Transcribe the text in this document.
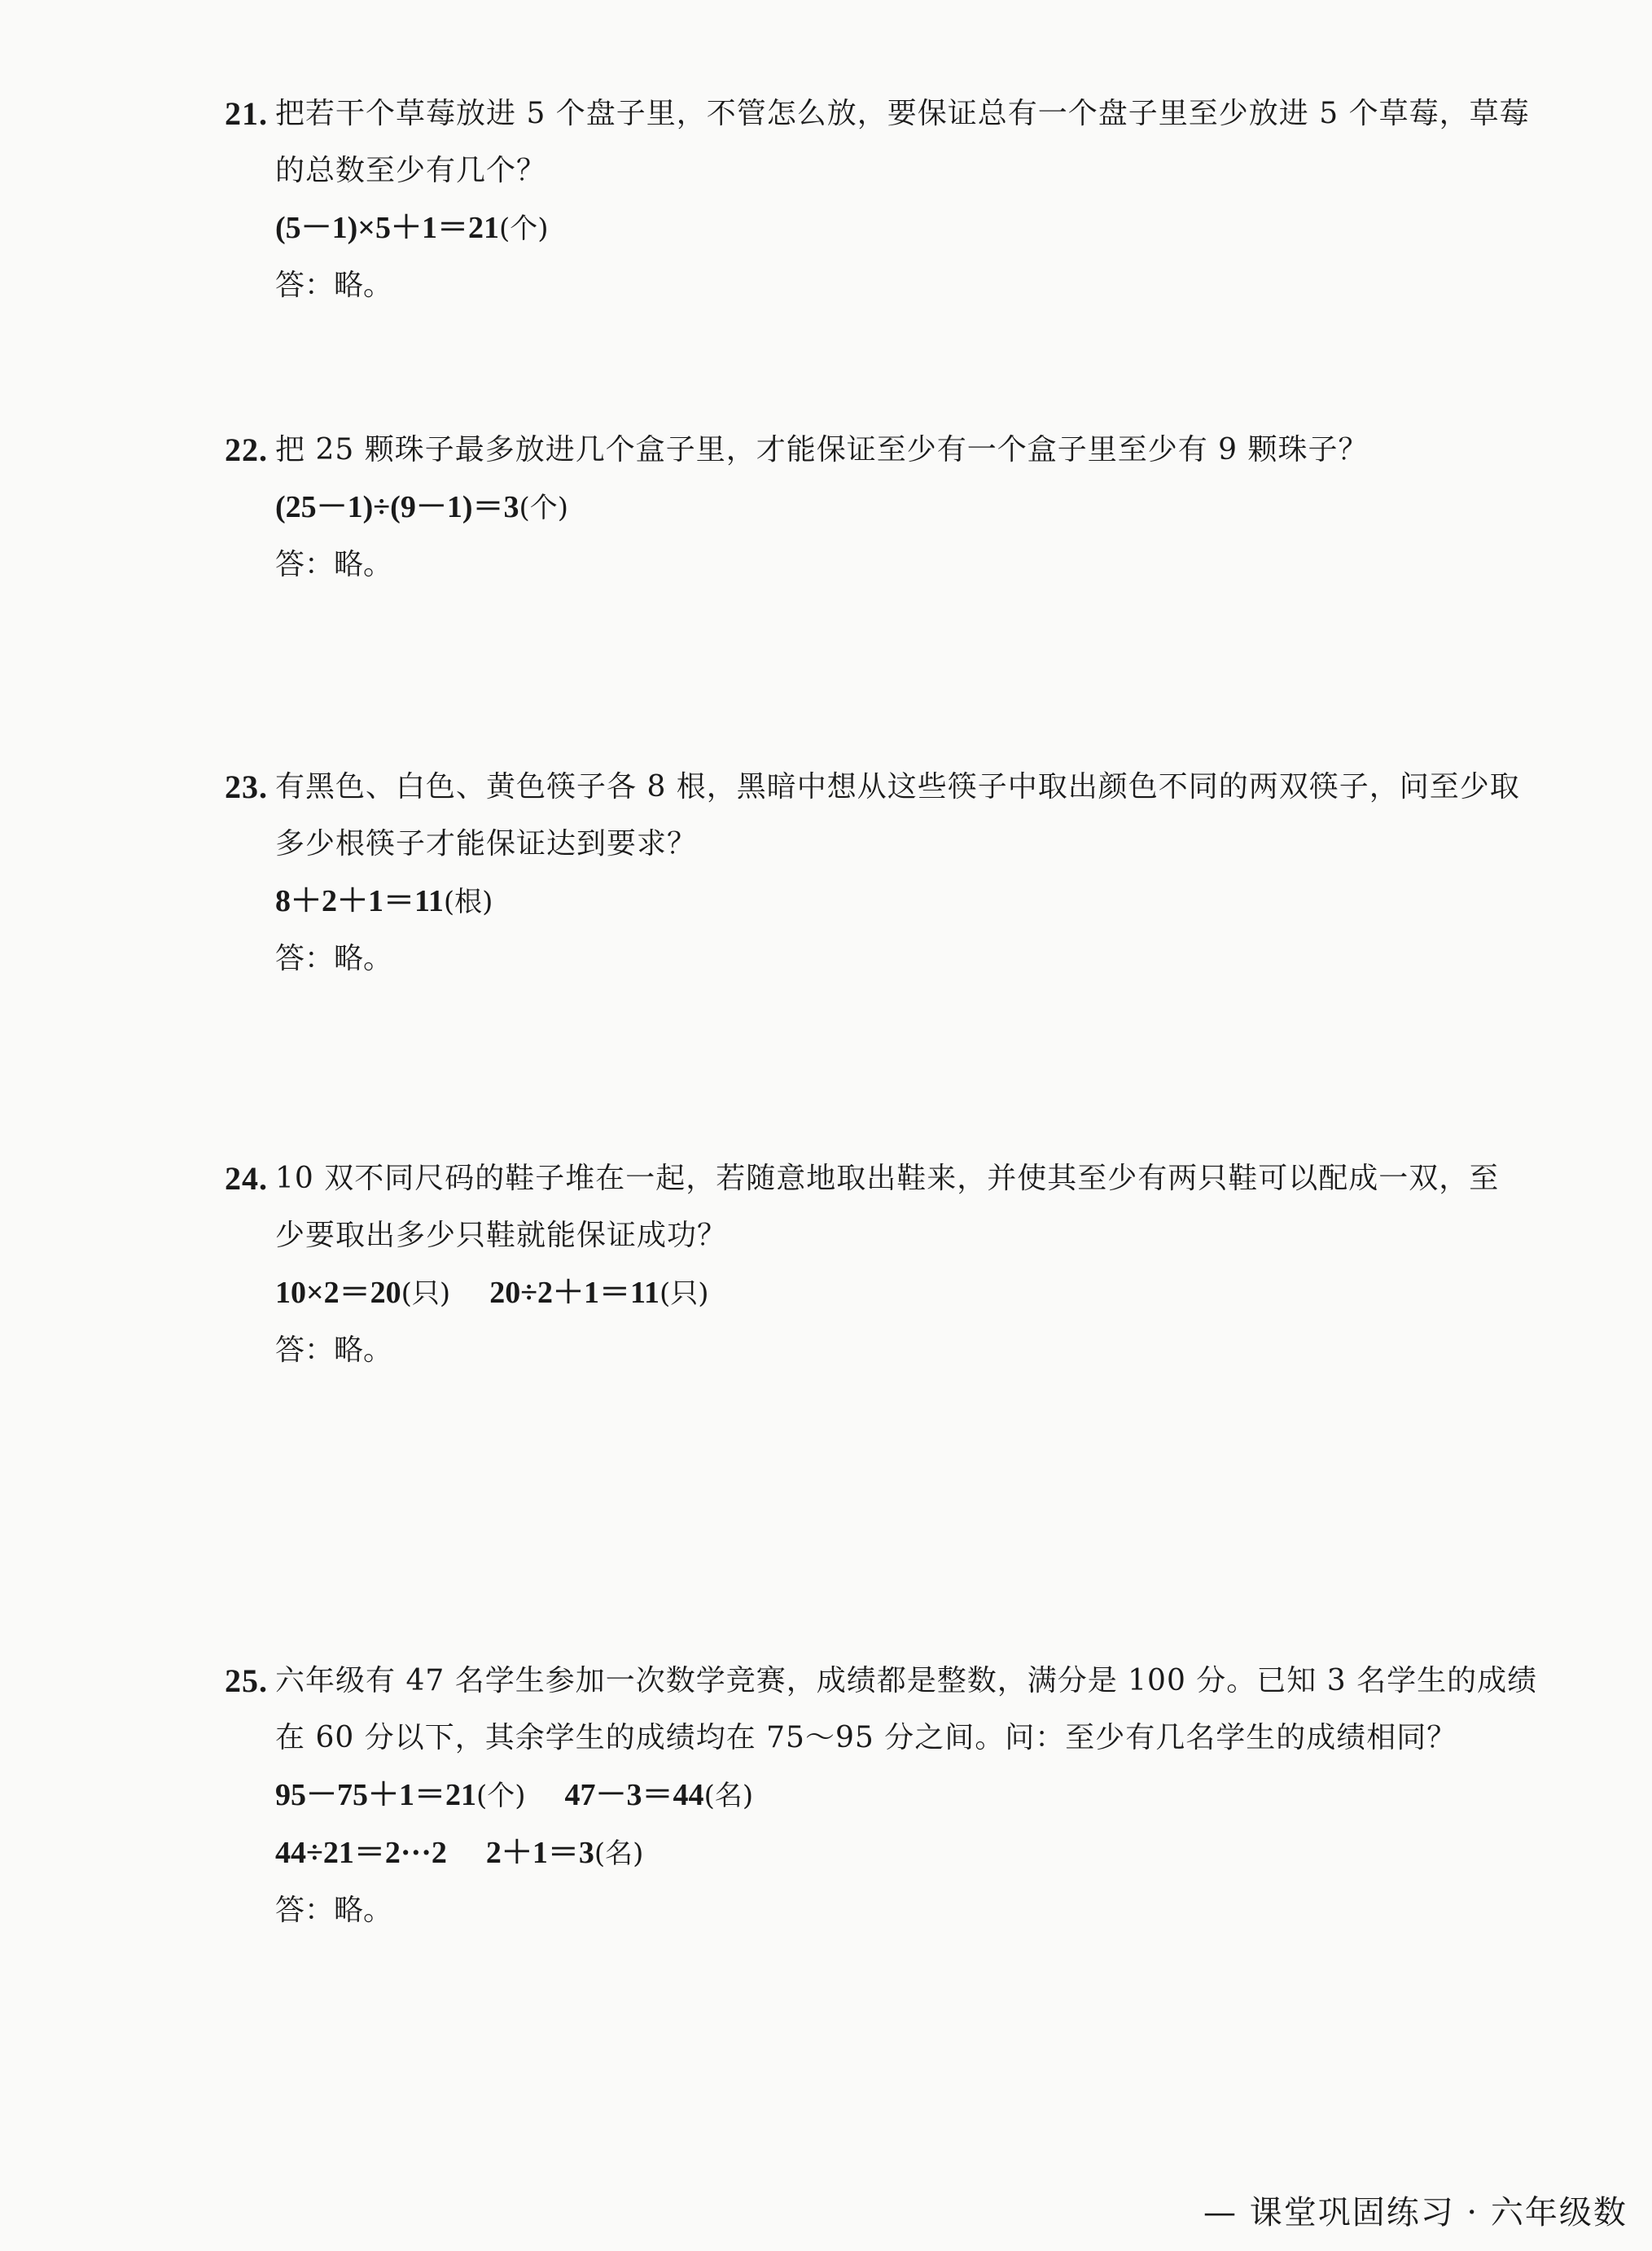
21. 把若干个草莓放进 5 个盘子里，不管怎么放，要保证总有一个盘子里至少放进 5 个草莓，草莓
的总数至少有几个？
(5－1)×5＋1＝21(个)
答：略。
22. 把 25 颗珠子最多放进几个盒子里，才能保证至少有一个盒子里至少有 9 颗珠子？
(25－1)÷(9－1)＝3(个)
答：略。
23. 有黑色、白色、黄色筷子各 8 根，黑暗中想从这些筷子中取出颜色不同的两双筷子，问至少取
多少根筷子才能保证达到要求？
8＋2＋1＝11(根)
答：略。
24. 10 双不同尺码的鞋子堆在一起，若随意地取出鞋来，并使其至少有两只鞋可以配成一双，至
少要取出多少只鞋就能保证成功？
10×2＝20(只) 20÷2＋1＝11(只)
答：略。
25. 六年级有 47 名学生参加一次数学竞赛，成绩都是整数，满分是 100 分。已知 3 名学生的成绩
在 60 分以下，其余学生的成绩均在 75～95 分之间。问：至少有几名学生的成绩相同？
95－75＋1＝21(个) 47－3＝44(名)
44÷21＝2···2 2＋1＝3(名)
答：略。
— 课堂巩固练习 · 六年级数
